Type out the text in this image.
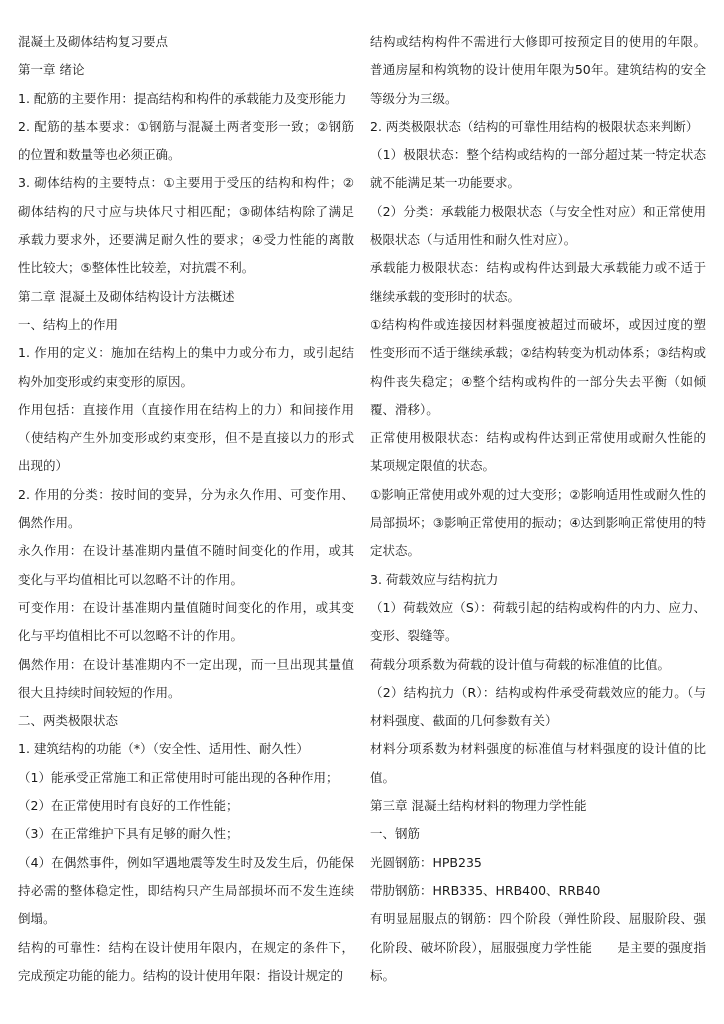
混凝土及砌体结构复习要点

第一章 绪论

1. 配筋的主要作用：提高结构和构件的承载能力及变形能力

2. 配筋的基本要求：①钢筋与混凝土两者变形一致；②钢筋的位置和数量等也必须正确。

3. 砌体结构的主要特点：①主要用于受压的结构和构件；②砌体结构的尺寸应与块体尺寸相匹配；③砌体结构除了满足承载力要求外，还要满足耐久性的要求；④受力性能的离散性比较大；⑤整体性比较差，对抗震不利。

第二章 混凝土及砌体结构设计方法概述

一、结构上的作用

1. 作用的定义：施加在结构上的集中力或分布力，或引起结构外加变形或约束变形的原因。

作用包括：直接作用（直接作用在结构上的力）和间接作用（使结构产生外加变形或约束变形，但不是直接以力的形式出现的）

2. 作用的分类：按时间的变异，分为永久作用、可变作用、偶然作用。

永久作用：在设计基准期内量值不随时间变化的作用，或其变化与平均值相比可以忽略不计的作用。

可变作用：在设计基准期内量值随时间变化的作用，或其变化与平均值相比不可以忽略不计的作用。

偶然作用：在设计基准期内不一定出现，而一旦出现其量值很大且持续时间较短的作用。

二、两类极限状态

1. 建筑结构的功能（*）（安全性、适用性、耐久性）

（1）能承受正常施工和正常使用时可能出现的各种作用；

（2）在正常使用时有良好的工作性能；

（3）在正常维护下具有足够的耐久性；

（4）在偶然事件，例如罕遇地震等发生时及发生后，仍能保持必需的整体稳定性，即结构只产生局部损坏而不发生连续倒塌。

结构的可靠性：结构在设计使用年限内，在规定的条件下，完成预定功能的能力。结构的设计使用年限：指设计规定的

结构或结构构件不需进行大修即可按预定目的使用的年限。普通房屋和构筑物的设计使用年限为50年。建筑结构的安全等级分为三级。

2. 两类极限状态（结构的可靠性用结构的极限状态来判断）

（1）极限状态：整个结构或结构的一部分超过某一特定状态就不能满足某一功能要求。

（2）分类：承载能力极限状态（与安全性对应）和正常使用极限状态（与适用性和耐久性对应）。

承载能力极限状态：结构或构件达到最大承载能力或不适于继续承载的变形时的状态。

①结构构件或连接因材料强度被超过而破坏，或因过度的塑性变形而不适于继续承载；②结构转变为机动体系；③结构或构件丧失稳定；④整个结构或构件的一部分失去平衡（如倾覆、滑移）。

正常使用极限状态：结构或构件达到正常使用或耐久性能的某项规定限值的状态。

①影响正常使用或外观的过大变形；②影响适用性或耐久性的局部损坏；③影响正常使用的振动；④达到影响正常使用的特定状态。

3. 荷载效应与结构抗力

（1）荷载效应（S）：荷载引起的结构或构件的内力、应力、变形、裂缝等。

荷载分项系数为荷载的设计值与荷载的标准值的比值。

（2）结构抗力（R）：结构或构件承受荷载效应的能力。（与材料强度、截面的几何参数有关）

材料分项系数为材料强度的标准值与材料强度的设计值的比值。

第三章 混凝土结构材料的物理力学性能

一、钢筋

光圆钢筋：HPB235

带肋钢筋：HRB335、HRB400、RRB40

有明显屈服点的钢筋：四个阶段（弹性阶段、屈服阶段、强化阶段、破坏阶段），屈服强度力学性能　　是主要的强度指标。
